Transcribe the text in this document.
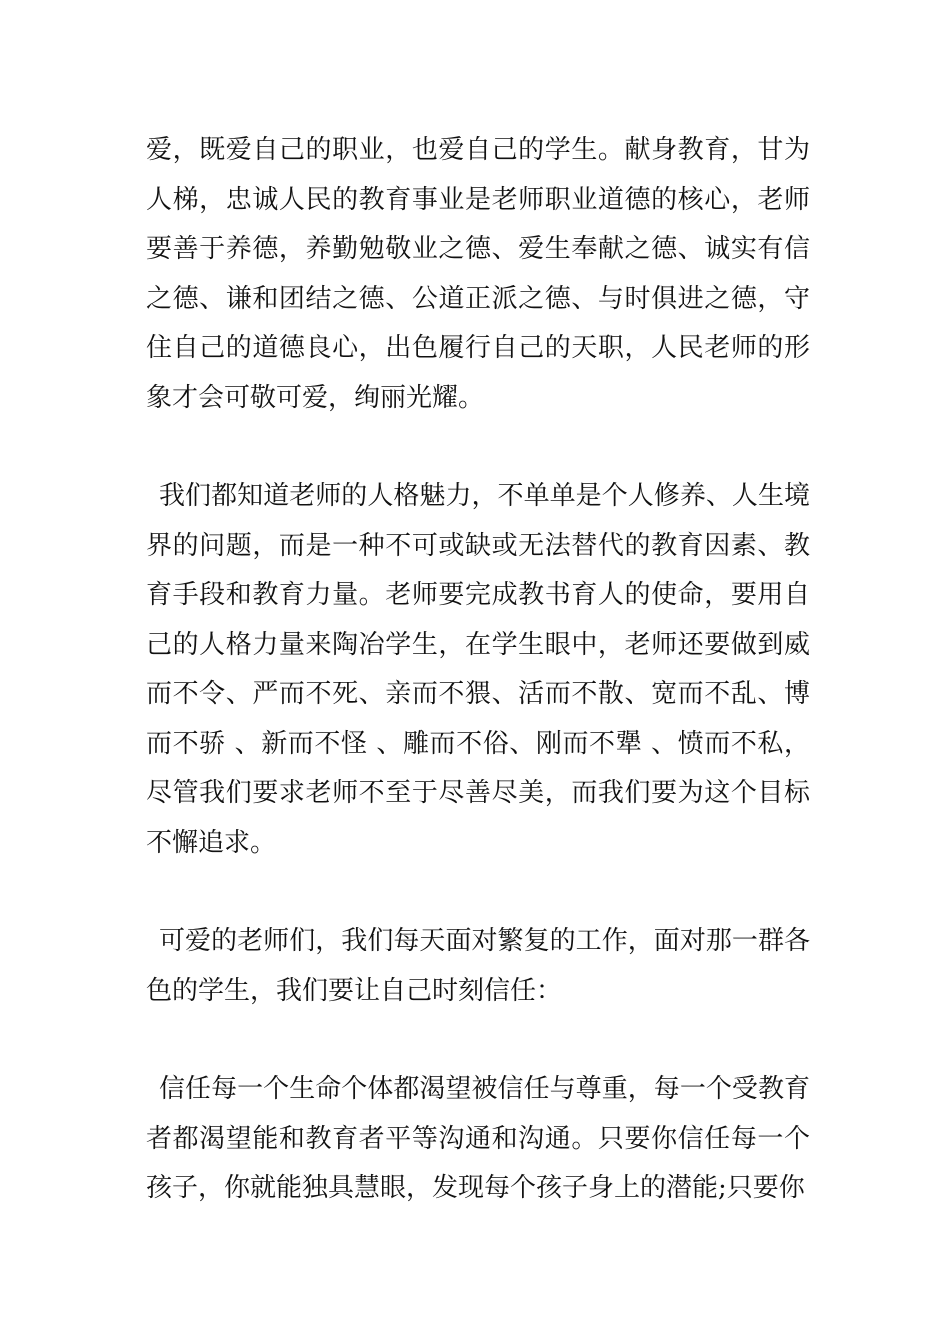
爱，既爱自己的职业，也爱自己的学生。献身教育，甘为人梯，忠诚人民的教育事业是老师职业道德的核心，老师要善于养德，养勤勉敬业之德、爱生奉献之德、诚实有信之德、谦和团结之德、公道正派之德、与时俱进之德，守住自己的道德良心，出色履行自己的天职，人民老师的形象才会可敬可爱，绚丽光耀。

我们都知道老师的人格魅力，不单单是个人修养、人生境界的问题，而是一种不可或缺或无法替代的教育因素、教育手段和教育力量。老师要完成教书育人的使命，要用自己的人格力量来陶冶学生，在学生眼中，老师还要做到威而不令、严而不死、亲而不猥、活而不散、宽而不乱、博而不骄 、新而不怪 、雕而不俗、刚而不犟 、愤而不私，尽管我们要求老师不至于尽善尽美，而我们要为这个目标不懈追求。

可爱的老师们，我们每天面对繁复的工作，面对那一群各色的学生，我们要让自己时刻信任：

信任每一个生命个体都渴望被信任与尊重，每一个受教育者都渴望能和教育者平等沟通和沟通。只要你信任每一个孩子，你就能独具慧眼，发现每个孩子身上的潜能;只要你
